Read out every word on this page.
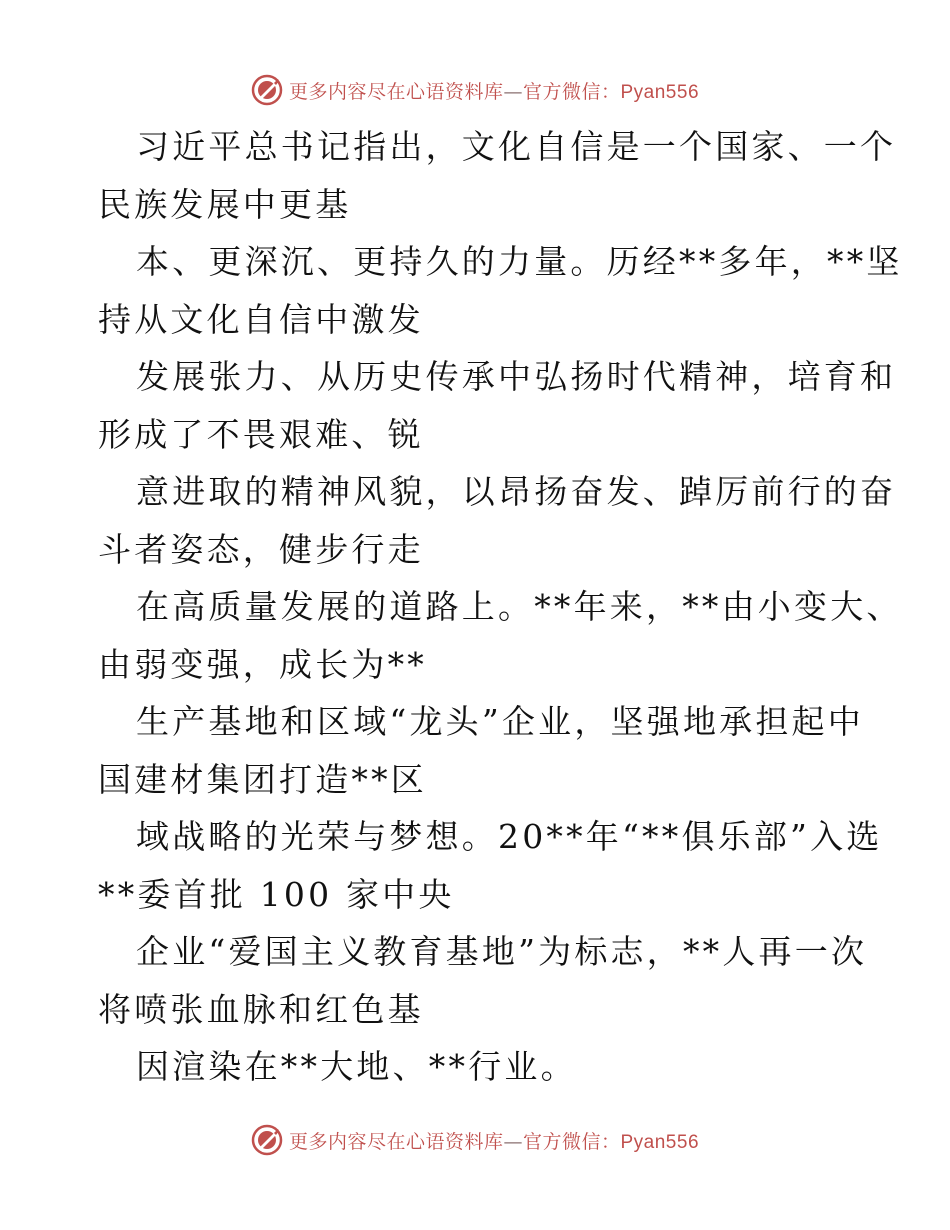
更多内容尽在心语资料库—官方微信：Pyan556
习近平总书记指出，文化自信是一个国家、一个
民族发展中更基
本、更深沉、更持久的力量。历经**多年，**坚
持从文化自信中激发
发展张力、从历史传承中弘扬时代精神，培育和
形成了不畏艰难、锐
意进取的精神风貌，以昂扬奋发、踔厉前行的奋
斗者姿态，健步行走
在高质量发展的道路上。**年来，**由小变大、
由弱变强，成长为**
生产基地和区域“龙头”企业，坚强地承担起中
国建材集团打造**区
域战略的光荣与梦想。20**年“**俱乐部”入选
**委首批 100 家中央
企业“爱国主义教育基地”为标志，**人再一次
将喷张血脉和红色基
因渲染在**大地、**行业。
更多内容尽在心语资料库—官方微信：Pyan556
